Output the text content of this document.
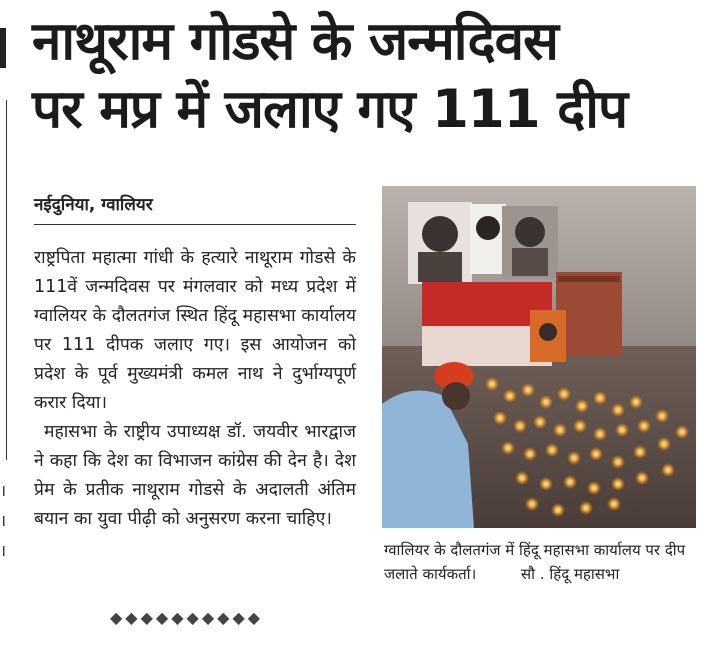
।
।
।
नाथूराम गोडसे के जन्मदिवस
पर मप्र में जलाए गए 111 दीप
नईदुनिया, ग्वालियर
राष्ट्रपिता महात्मा गांधी के हत्यारे नाथूराम गोडसे के 111वें जन्मदिवस पर मंगलवार को मध्य प्रदेश में ग्वालियर के दौलतगंज स्थित हिंदू महासभा कार्यालय पर 111 दीपक जलाए गए। इस आयोजन को प्रदेश के पूर्व मुख्यमंत्री कमल नाथ ने दुर्भाग्यपूर्ण करार दिया।
महासभा के राष्ट्रीय उपाध्यक्ष डॉ. जयवीर भारद्वाज ने कहा कि देश का विभाजन कांग्रेस की देन है। देश प्रेम के प्रतीक नाथूराम गोडसे के अदालती अंतिम बयान का युवा पीढ़ी को अनुसरण करना चाहिए।
ग्वालियर के दौलतगंज में हिंदू महासभा कार्यालय पर दीप जलाते कार्यकर्ता।	सौ . हिंदू महासभा
◆◆◆◆◆◆◆◆◆◆
